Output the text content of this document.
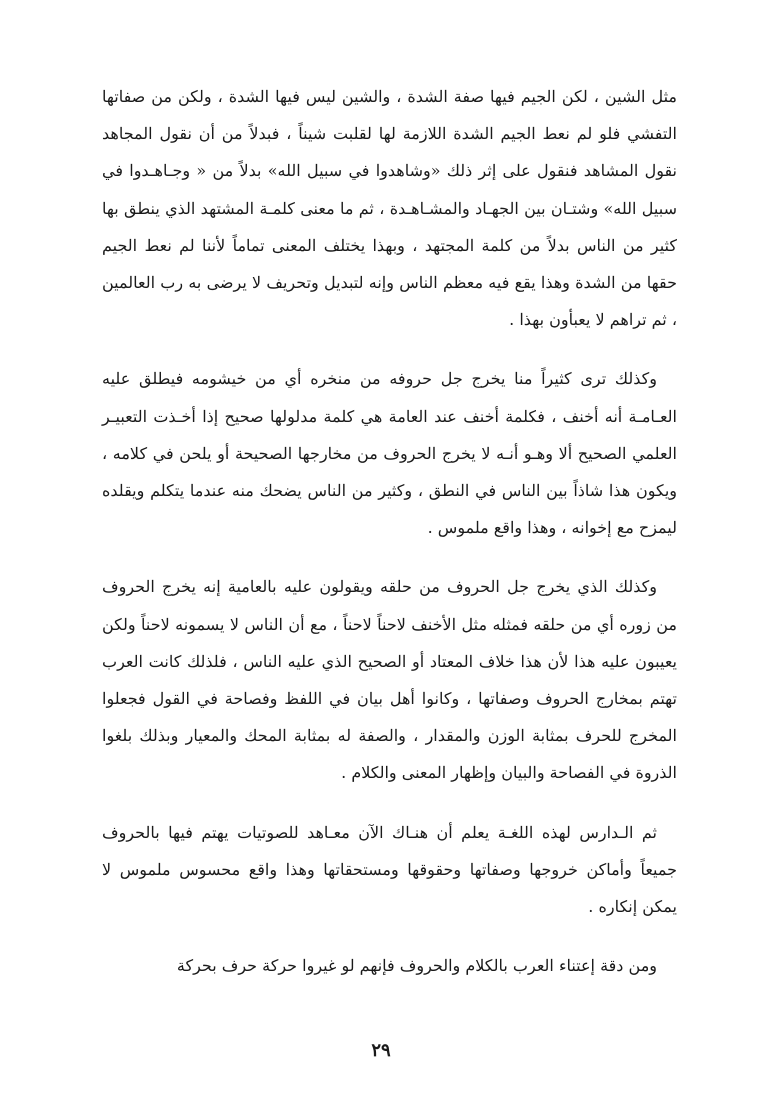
مثل الشين ، لكن الجيم فيها صفة الشدة ، والشين ليس فيها الشدة ، ولكن من صفاتها التفشي فلو لم نعط الجيم الشدة اللازمة لها لقلبت شيناً ، فبدلاً من أن نقول المجاهد نقول المشاهد فنقول على إثر ذلك «وشاهدوا في سبيل الله» بدلاً من « وجـاهـدوا في سبيل الله» وشتـان بين الجهـاد والمشـاهـدة ، ثم ما معنى كلمـة المشتهد الذي ينطق بها كثير من الناس بدلاً من كلمة المجتهد ، وبهذا يختلف المعنى تماماً لأننا لم نعط الجيم حقها من الشدة وهذا يقع فيه معظم الناس وإنه لتبديل وتحريف لا يرضى به رب العالمين ، ثم تراهم لا يعبأون بهذا .

وكذلك ترى كثيراً منا يخرج جل حروفه من منخره أي من خيشومه فيطلق عليه العـامـة أنه أخنف ، فكلمة أخنف عند العامة هي كلمة مدلولها صحيح إذا أخـذت التعبيـر العلمي الصحيح ألا وهـو أنـه لا يخرج الحروف من مخارجها الصحيحة أو يلحن في كلامه ، ويكون هذا شاذاً بين الناس في النطق ، وكثير من الناس يضحك منه عندما يتكلم ويقلده ليمزح مع إخوانه ، وهذا واقع ملموس .

وكذلك الذي يخرج جل الحروف من حلقه ويقولون عليه بالعامية إنه يخرج الحروف من زوره أي من حلقه فمثله مثل الأخنف لاحناً لاحناً ، مع أن الناس لا يسمونه لاحناً ولكن يعيبون عليه هذا لأن هذا خلاف المعتاد أو الصحيح الذي عليه الناس ، فلذلك كانت العرب تهتم بمخارج الحروف وصفاتها ، وكانوا أهل بيان في اللفظ وفصاحة في القول فجعلوا المخرج للحرف بمثابة الوزن والمقدار ، والصفة له بمثابة المحك والمعيار وبذلك بلغوا الذروة في الفصاحة والبيان وإظهار المعنى والكلام .

ثم الـدارس لهذه اللغـة يعلم أن هنـاك الآن معـاهد للصوتيات يهتم فيها بالحروف جميعاً وأماكن خروجها وصفاتها وحقوقها ومستحقاتها وهذا واقع محسوس ملموس لا يمكن إنكاره .

ومن دقة إعتناء العرب بالكلام والحروف فإنهم لو غيروا حركة حرف بحركة

٢٩
